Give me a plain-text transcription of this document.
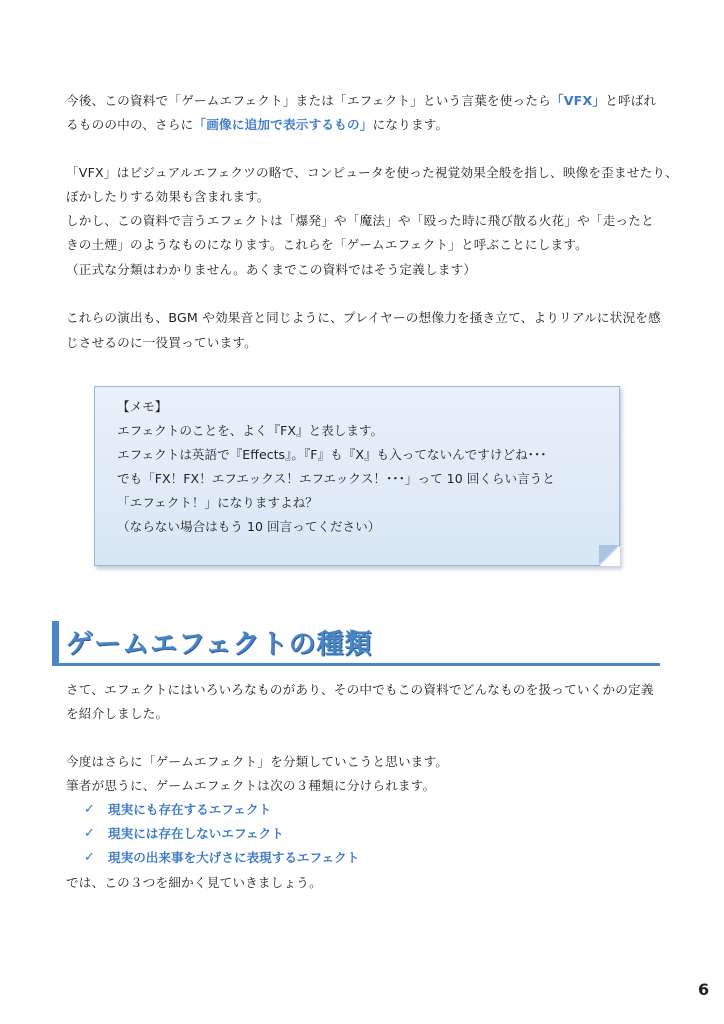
今後、この資料で「ゲームエフェクト」または「エフェクト」という言葉を使ったら「VFX」と呼ばれ
るものの中の、さらに「画像に追加で表示するもの」になります。
「VFX」はビジュアルエフェクツの略で、コンピュータを使った視覚効果全般を指し、映像を歪ませたり、
ぼかしたりする効果も含まれます。
しかし、この資料で言うエフェクトは「爆発」や「魔法」や「殴った時に飛び散る火花」や「走ったと
きの土煙」のようなものになります。これらを「ゲームエフェクト」と呼ぶことにします。
（正式な分類はわかりません。あくまでこの資料ではそう定義します）
これらの演出も、BGM や効果音と同じように、プレイヤーの想像力を掻き立て、よりリアルに状況を感
じさせるのに一役買っています。
【メモ】
エフェクトのことを、よく『FX』と表します。
エフェクトは英語で『Effects』。『F』も『X』も入ってないんですけどね･･･
でも「FX！FX！エフエックス！エフエックス！･･･」って 10 回くらい言うと
「エフェクト！」になりますよね？
（ならない場合はもう 10 回言ってください）
ゲームエフェクトの種類
さて、エフェクトにはいろいろなものがあり、その中でもこの資料でどんなものを扱っていくかの定義
を紹介しました。
今度はさらに「ゲームエフェクト」を分類していこうと思います。
筆者が思うに、ゲームエフェクトは次の３種類に分けられます。
✓ 現実にも存在するエフェクト
✓ 現実には存在しないエフェクト
✓ 現実の出来事を大げさに表現するエフェクト
では、この３つを細かく見ていきましょう。
6
